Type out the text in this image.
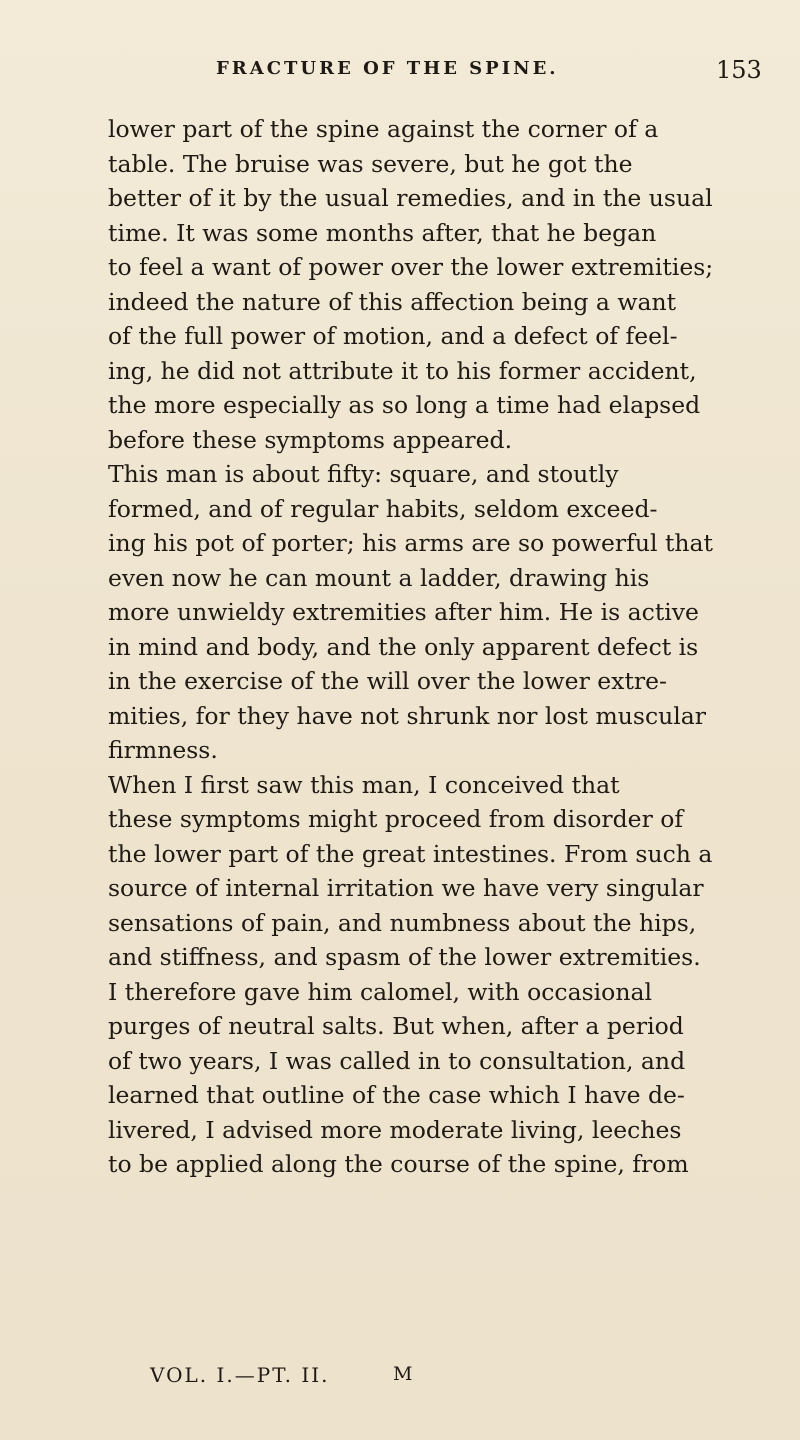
FRACTURE OF THE SPINE.	153
lower part of the spine against the corner of a
table. The bruise was severe, but he got the
better of it by the usual remedies, and in the usual
time. It was some months after, that he began
to feel a want of power over the lower extremities;
indeed the nature of this affection being a want
of the full power of motion, and a defect of feel-
ing, he did not attribute it to his former accident,
the more especially as so long a time had elapsed
before these symptoms appeared.
This man is about fifty: square, and stoutly
formed, and of regular habits, seldom exceed-
ing his pot of porter; his arms are so powerful that
even now he can mount a ladder, drawing his
more unwieldy extremities after him. He is active
in mind and body, and the only apparent defect is
in the exercise of the will over the lower extre-
mities, for they have not shrunk nor lost muscular
firmness.
When I first saw this man, I conceived that
these symptoms might proceed from disorder of
the lower part of the great intestines. From such a
source of internal irritation we have very singular
sensations of pain, and numbness about the hips,
and stiffness, and spasm of the lower extremities.
I therefore gave him calomel, with occasional
purges of neutral salts. But when, after a period
of two years, I was called in to consultation, and
learned that outline of the case which I have de-
livered, I advised more moderate living, leeches
to be applied along the course of the spine, from
VOL. I.—PT. II.	M
